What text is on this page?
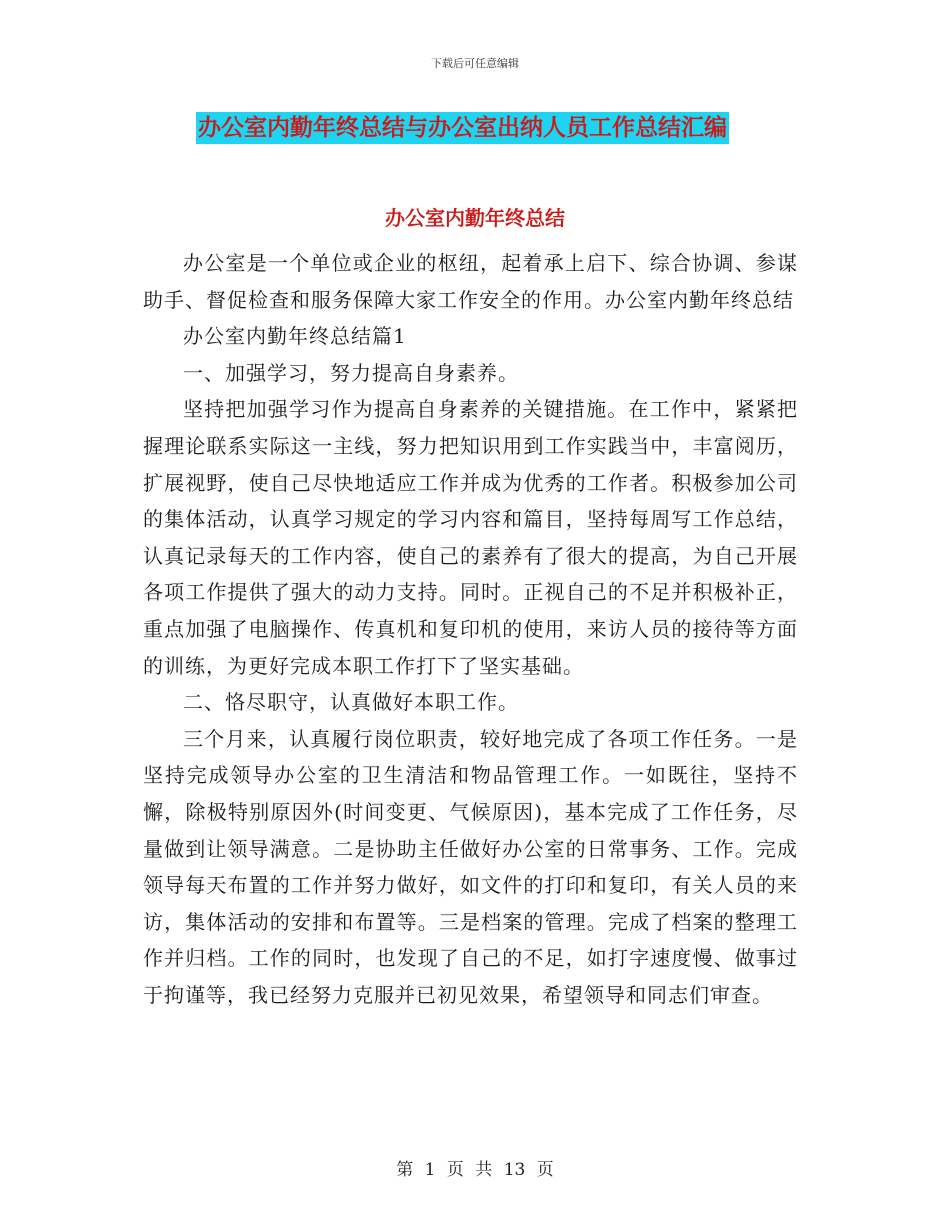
下载后可任意编辑
办公室内勤年终总结与办公室出纳人员工作总结汇编
办公室内勤年终总结

办公室是一个单位或企业的枢纽，起着承上启下、综合协调、参谋助手、督促检查和服务保障大家工作安全的作用。办公室内勤年终总结

办公室内勤年终总结篇1

一、加强学习，努力提高自身素养。

坚持把加强学习作为提高自身素养的关键措施。在工作中，紧紧把握理论联系实际这一主线，努力把知识用到工作实践当中，丰富阅历，扩展视野，使自己尽快地适应工作并成为优秀的工作者。积极参加公司的集体活动，认真学习规定的学习内容和篇目，坚持每周写工作总结，认真记录每天的工作内容，使自己的素养有了很大的提高，为自己开展各项工作提供了强大的动力支持。同时。正视自己的不足并积极补正，重点加强了电脑操作、传真机和复印机的使用，来访人员的接待等方面的训练，为更好完成本职工作打下了坚实基础。

二、恪尽职守，认真做好本职工作。

三个月来，认真履行岗位职责，较好地完成了各项工作任务。一是坚持完成领导办公室的卫生清洁和物品管理工作。一如既往，坚持不懈，除极特别原因外(时间变更、气候原因)，基本完成了工作任务，尽量做到让领导满意。二是协助主任做好办公室的日常事务、工作。完成领导每天布置的工作并努力做好，如文件的打印和复印，有关人员的来访，集体活动的安排和布置等。三是档案的管理。完成了档案的整理工作并归档。工作的同时，也发现了自己的不足，如打字速度慢、做事过于拘谨等，我已经努力克服并已初见效果，希望领导和同志们审查。

第 1 页 共 13 页
